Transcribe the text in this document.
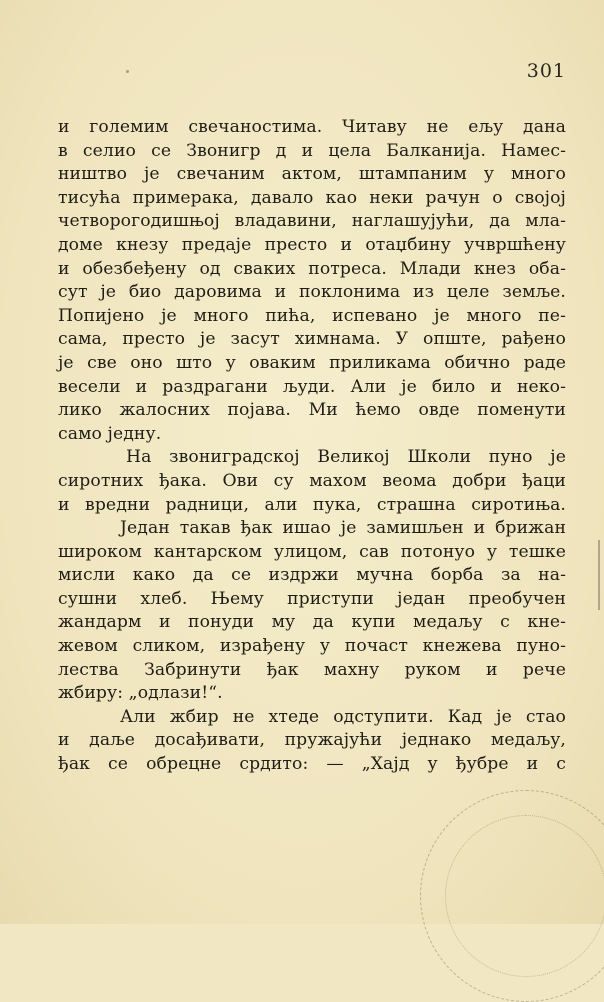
301
и големим свечаностима. Читаву не ељу дана
в селио се Звонигр д и цела Балканија. Намес-
ништво је свечаним актом, штампаним у много
тисућа примерака, давало као неки рачун о својој
четворогодишњој владавини, наглашујући, да мла-
доме кнезу предаје престо и отаџбину учвршћену
и обезбеђену од сваких потреса. Млади кнез оба-
сут је био даровима и поклонима из целе земље.
Попијено је много пића, испевано је много пе-
сама, престо је засут химнама. У опште, рађено
је све оно што у оваким приликама обично раде
весели и раздрагани људи. Али је било и неко-
лико жалосних појава. Ми ћемо овде поменути
само једну.
На звониградској Великој Школи пуно је
сиротних ђака. Ови су махом веома добри ђаци
и вредни радници, али пука, страшна сиротиња.
Један такав ђак ишао је замишљен и брижан
широком кантарском улицом, сав потонуо у тешке
мисли како да се издржи мучна борба за на-
сушни хлеб. Њему приступи један преобучен
жандарм и понуди му да купи медаљу с кне-
жевом сликом, израђену у почаст кнежева пуно-
лества Забринути ђак махну руком и рече
жбиру: „одлази!“.
Али жбир не хтеде одступити. Кад је стао
и даље досађивати, пружајући једнако медаљу,
ђак се обрецне срдито: — „Хајд у ђубре и с
